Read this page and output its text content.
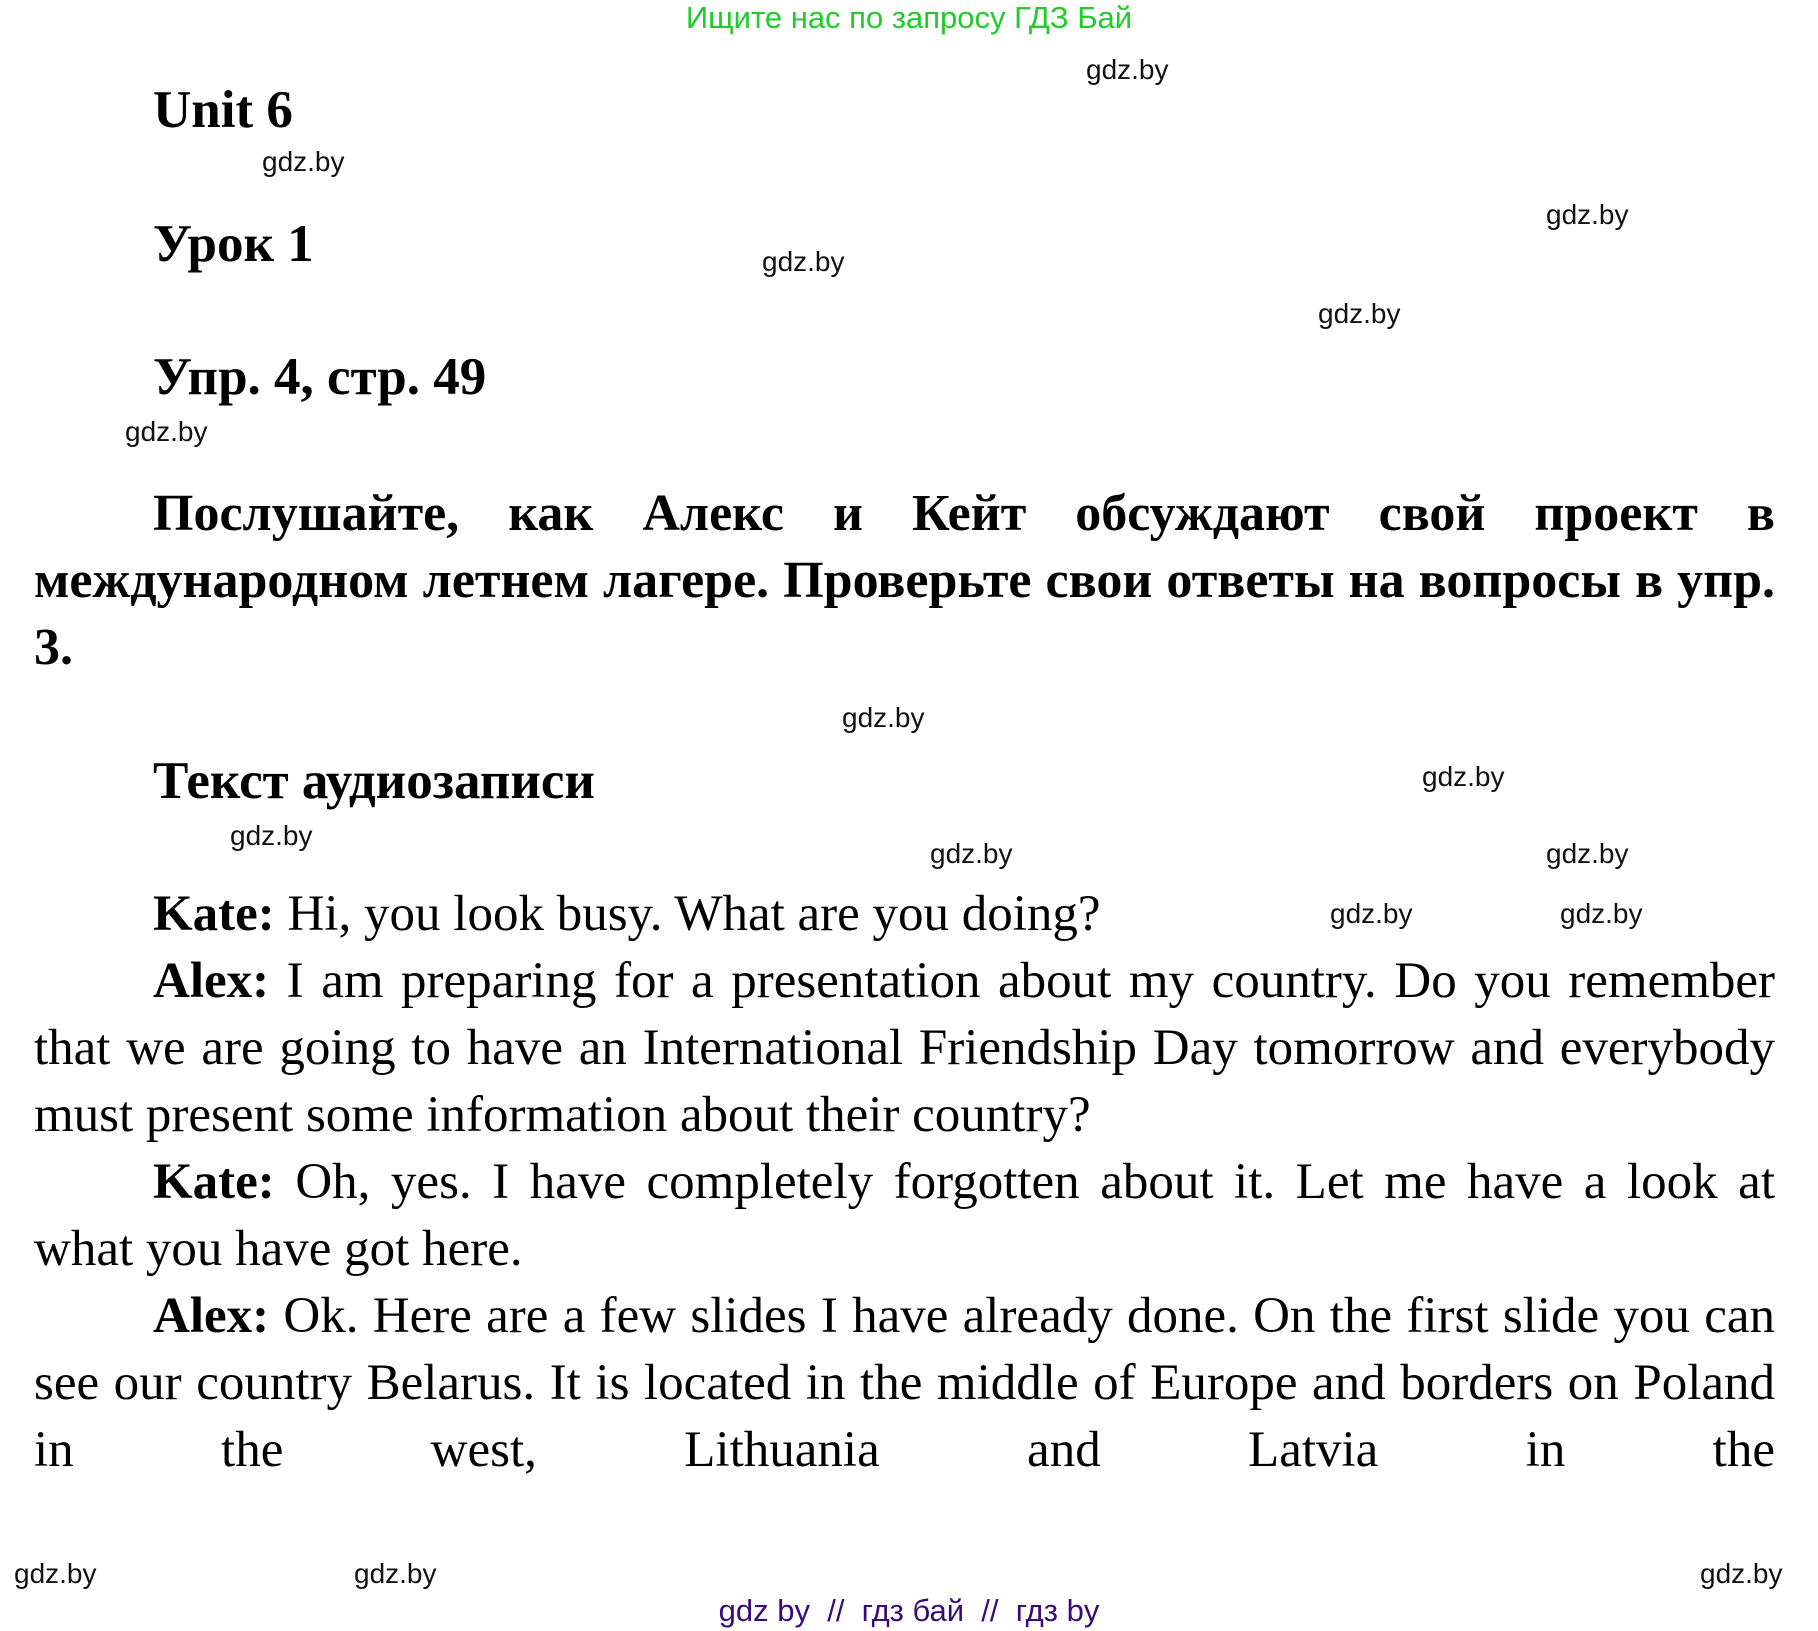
Ищите нас по запросу ГДЗ Бай
Unit 6
Урок 1
Упр. 4, стр. 49

Послушайте, как Алекс и Кейт обсуждают свой проект в международном летнем лагере. Проверьте свои ответы на вопросы в упр. 3.

Текст аудиозаписи

Kate: Hi, you look busy. What are you doing?

Alex: I am preparing for a presentation about my country. Do you remember that we are going to have an International Friendship Day tomorrow and everybody must present some information about their country?

Kate: Oh, yes. I have completely forgotten about it. Let me have a look at what you have got here.

Alex: Ok. Here are a few slides I have already done. On the first slide you can see our country Belarus. It is located in the middle of Europe and borders on Poland in the west, Lithuania and Latvia in the

gdz.by
gdz.by
gdz.by
gdz.by
gdz.by
gdz.by
gdz.by
gdz.by
gdz.by
gdz.by	gdz.by
gdz.by	gdz.by
gdz.by	gdz.by
gdz.by
gdz by  //  гдз бай  //  гдз by
